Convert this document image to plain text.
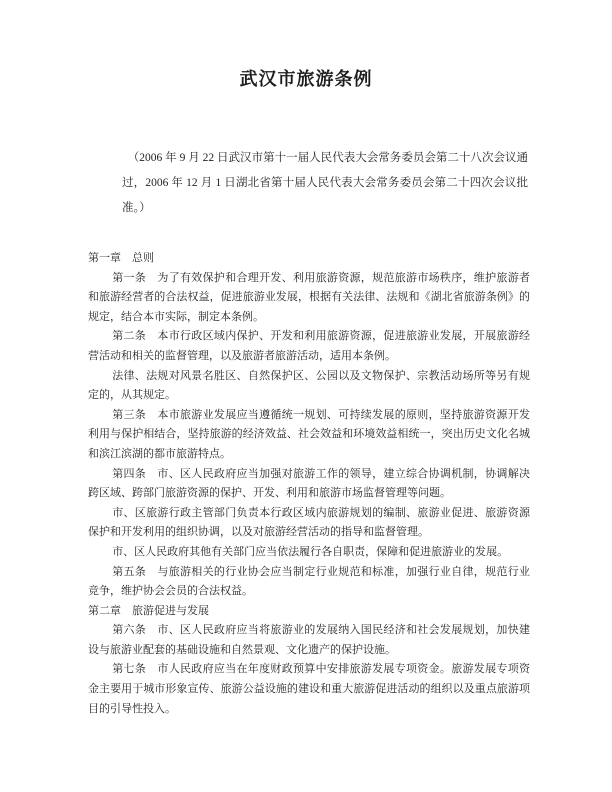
武汉市旅游条例

（2006 年 9 月 22 日武汉市第十一届人民代表大会常务委员会第二十八次会议通过，2006 年 12 月 1 日湖北省第十届人民代表大会常务委员会第二十四次会议批准。）

第一章　总则

第一条　为了有效保护和合理开发、利用旅游资源，规范旅游市场秩序，维护旅游者和旅游经营者的合法权益，促进旅游业发展，根据有关法律、法规和《湖北省旅游条例》的规定，结合本市实际，制定本条例。

第二条　本市行政区域内保护、开发和利用旅游资源，促进旅游业发展，开展旅游经营活动和相关的监督管理，以及旅游者旅游活动，适用本条例。

法律、法规对风景名胜区、自然保护区、公园以及文物保护、宗教活动场所等另有规定的，从其规定。

第三条　本市旅游业发展应当遵循统一规划、可持续发展的原则，坚持旅游资源开发利用与保护相结合，坚持旅游的经济效益、社会效益和环境效益相统一，突出历史文化名城和滨江滨湖的都市旅游特点。

第四条　市、区人民政府应当加强对旅游工作的领导，建立综合协调机制，协调解决跨区域、跨部门旅游资源的保护、开发、利用和旅游市场监督管理等问题。

市、区旅游行政主管部门负责本行政区域内旅游规划的编制、旅游业促进、旅游资源保护和开发利用的组织协调，以及对旅游经营活动的指导和监督管理。

市、区人民政府其他有关部门应当依法履行各自职责，保障和促进旅游业的发展。

第五条　与旅游相关的行业协会应当制定行业规范和标准，加强行业自律，规范行业竞争，维护协会会员的合法权益。

第二章　旅游促进与发展

第六条　市、区人民政府应当将旅游业的发展纳入国民经济和社会发展规划，加快建设与旅游业配套的基础设施和自然景观、文化遗产的保护设施。

第七条　市人民政府应当在年度财政预算中安排旅游发展专项资金。旅游发展专项资金主要用于城市形象宣传、旅游公益设施的建设和重大旅游促进活动的组织以及重点旅游项目的引导性投入。
